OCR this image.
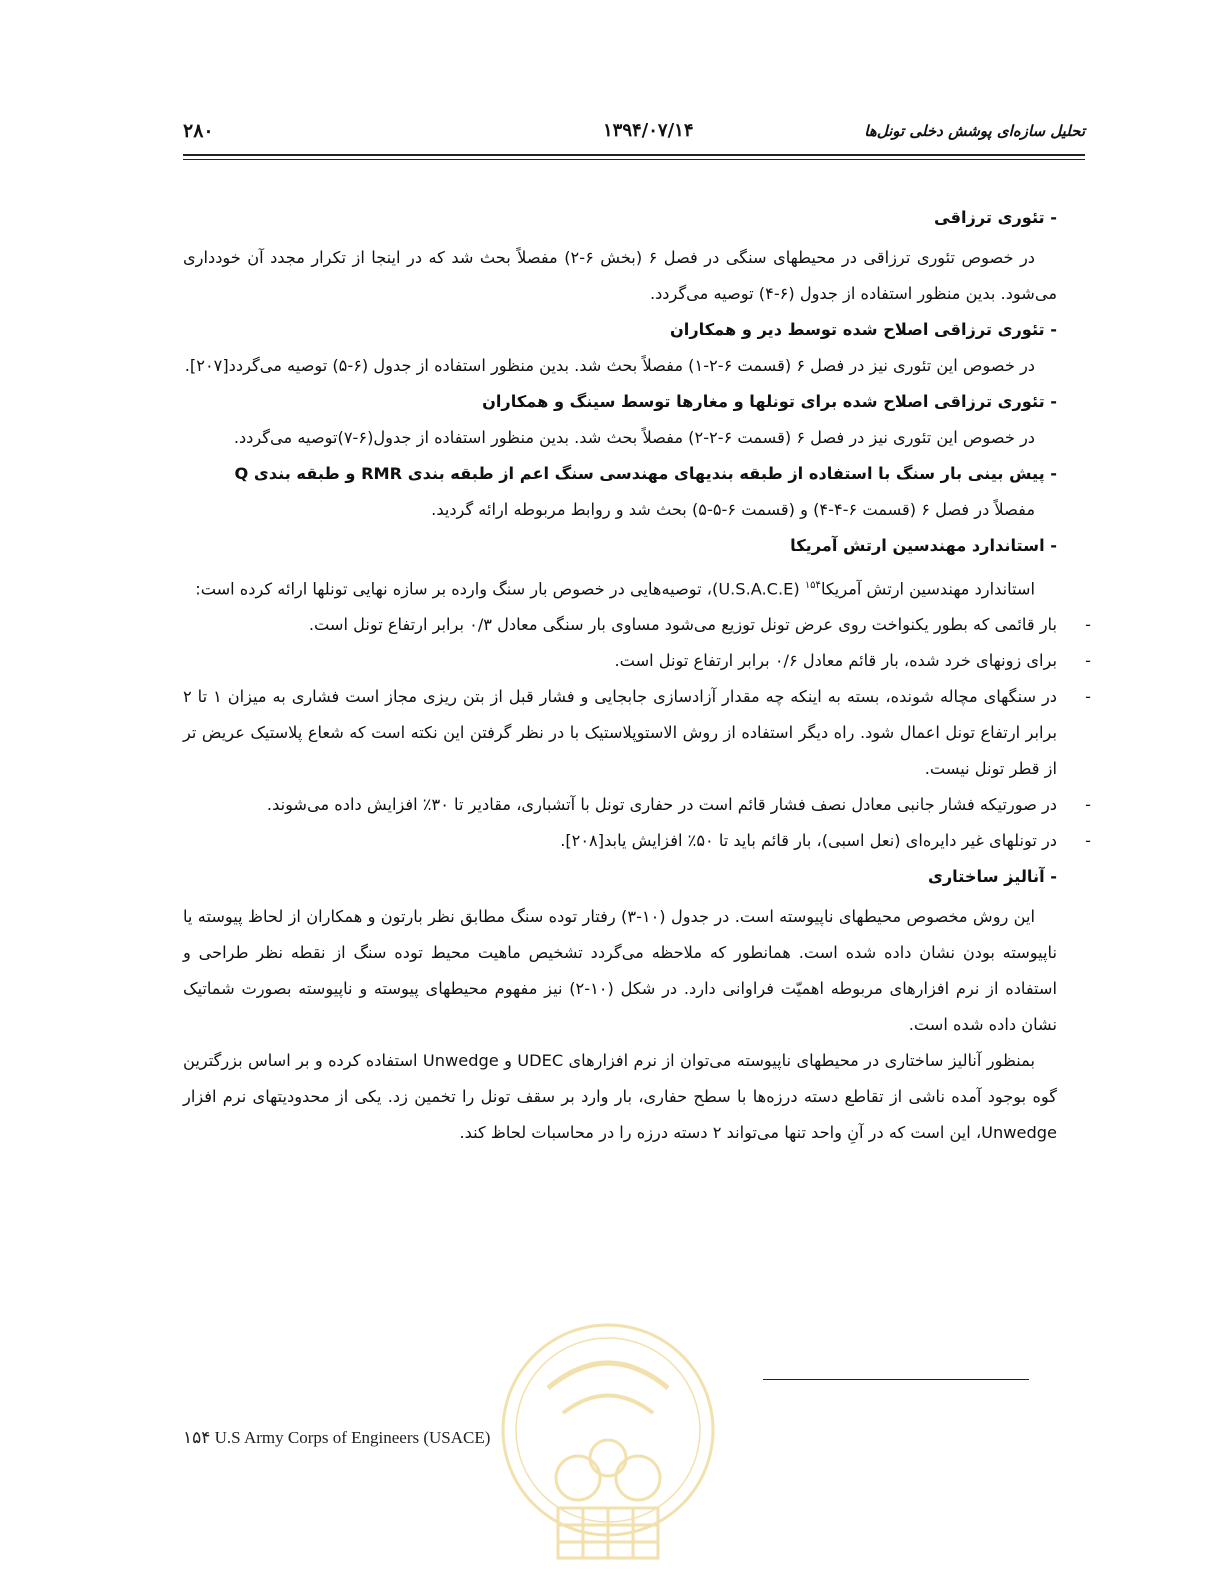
۲۸۰	۱۳۹۴/۰۷/۱۴	تحلیل سازه‌ای پوشش دخلی تونل‌ها

- تئوری ترزاقی

در خصوص تئوری ترزاقی در محیطهای سنگی در فصل ۶ (بخش ۶-۲) مفصلاً بحث شد که در اینجا از تکرار مجدد آن خودداری می‌شود. بدین منظور استفاده از جدول (۶-۴) توصیه می‌گردد.

- تئوری ترزاقی اصلاح شده توسط دیر و همکاران

در خصوص این تئوری نیز در فصل ۶ (قسمت ۶-۲-۱) مفصلاً بحث شد. بدین منظور استفاده از جدول (۶-۵) توصیه می‌گردد[۲۰۷].

- تئوری ترزاقی اصلاح شده برای تونلها و مغارها توسط سینگ و همکاران

در خصوص این تئوری نیز در فصل ۶ (قسمت ۶-۲-۲) مفصلاً بحث شد. بدین منظور استفاده از جدول(۶-۷)توصیه می‌گردد.

- پیش بینی بار سنگ با استفاده از طبقه بندیهای مهندسی سنگ اعم از طبقه بندی RMR و طبقه بندی Q

مفصلاً در فصل ۶ (قسمت ۶-۴-۴) و (قسمت ۶-۵-۵) بحث شد و روابط مربوطه ارائه گردید.

- استاندارد مهندسین ارتش آمریکا

استاندارد مهندسین ارتش آمریکا$^{۱۵۴}$ (U.S.A.C.E)، توصیه‌هایی در خصوص بار سنگ وارده بر سازه نهایی تونلها ارائه کرده است:

-
بار قائمی که بطور یکنواخت روی عرض تونل توزیع می‌شود مساوی بار سنگی معادل ۰/۳ برابر ارتفاع تونل است.

-
برای زونهای خرد شده، بار قائم معادل ۰/۶ برابر ارتفاع تونل است.

-
در سنگهای مچاله شونده، بسته به اینکه چه مقدار آزادسازی جابجایی و فشار قبل از بتن ریزی مجاز است فشاری به میزان ۱ تا ۲ برابر ارتفاع تونل اعمال شود. راه دیگر استفاده از روش الاستوپلاستیک با در نظر گرفتن این نکته است که شعاع پلاستیک عریض تر از قطر تونل نیست.

-
در صورتیکه فشار جانبی معادل نصف فشار قائم است در حفاری تونل با آتشباری، مقادیر تا ۳۰٪ افزایش داده می‌شوند.

-
در تونلهای غیر دایره‌ای (نعل اسبی)، بار قائم باید تا ۵۰٪ افزایش یابد[۲۰۸].

- آنالیز ساختاری

این روش مخصوص محیطهای ناپیوسته است. در جدول (۱۰-۳) رفتار توده سنگ مطابق نظر بارتون و همکاران از لحاظ پیوسته یا ناپیوسته بودن نشان داده شده است. همانطور که ملاحظه می‌گردد تشخیص ماهیت محیط توده سنگ از نقطه نظر طراحی و استفاده از نرم افزارهای مربوطه اهمیّت فراوانی دارد. در شکل (۱۰-۲) نیز مفهوم محیطهای پیوسته و ناپیوسته بصورت شماتیک نشان داده شده است.

بمنظور آنالیز ساختاری در محیطهای ناپیوسته می‌توان از نرم افزارهای UDEC و Unwedge استفاده کرده و بر اساس بزرگترین گوه بوجود آمده ناشی از تقاطع دسته درزه‌ها با سطح حفاری، بار وارد بر سقف تونل را تخمین زد. یکی از محدودیتهای نرم افزار Unwedge، این است که در آنِ واحد تنها می‌تواند ۲ دسته درزه را در محاسبات لحاظ کند.

۱۵۴ U.S Army Corps of Engineers (USACE)
